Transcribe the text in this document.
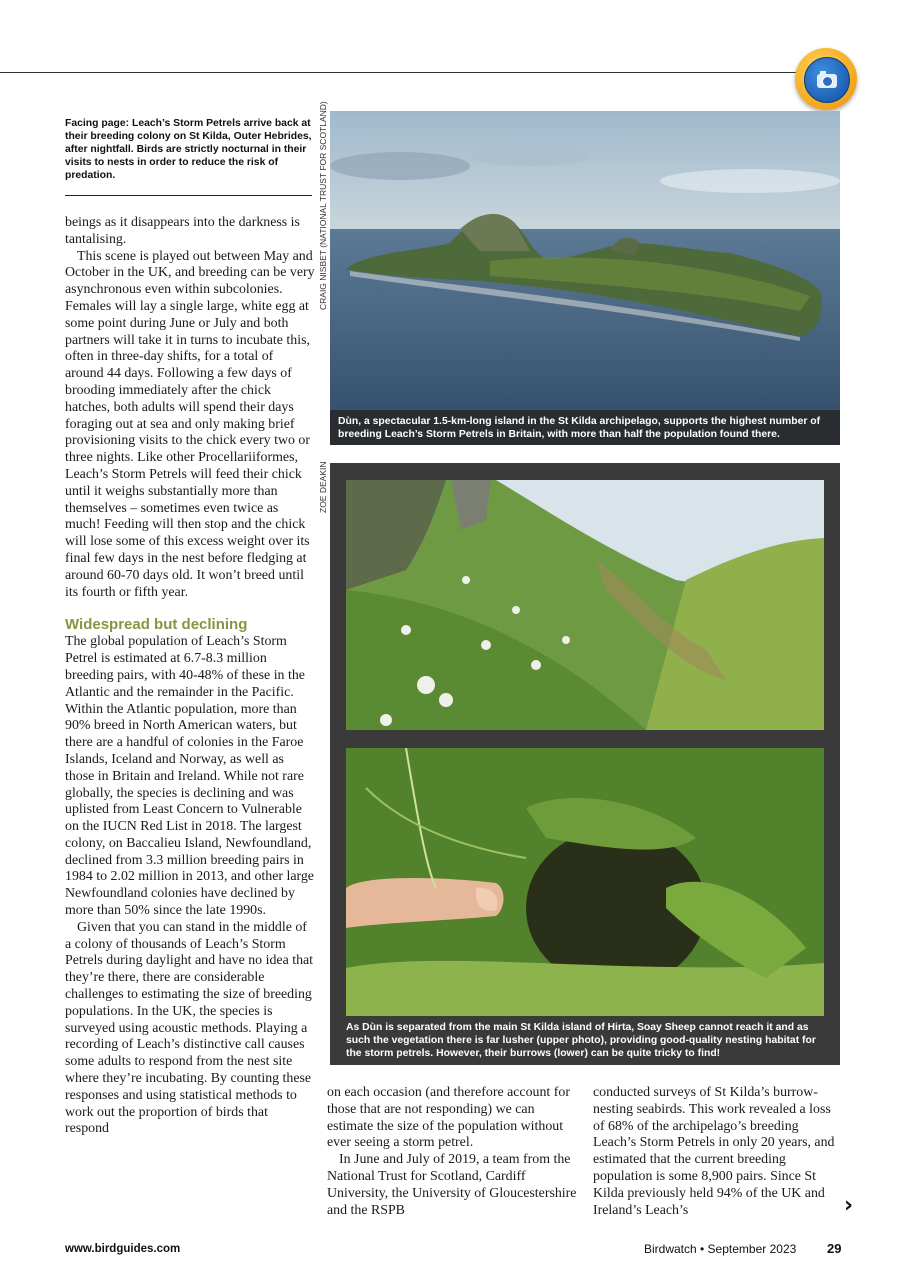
Facing page: Leach’s Storm Petrels arrive back at their breeding colony on St Kilda, Outer Hebrides, after nightfall. Birds are strictly nocturnal in their visits to nests in order to reduce the risk of predation.

beings as it disappears into the darkness is tantalising.

This scene is played out between May and October in the UK, and breeding can be very asynchronous even within subcolonies. Females will lay a single large, white egg at some point during June or July and both partners will take it in turns to incubate this, often in three-day shifts, for a total of around 44 days. Following a few days of brooding immediately after the chick hatches, both adults will spend their days foraging out at sea and only making brief provisioning visits to the chick every two or three nights. Like other Procellariiformes, Leach’s Storm Petrels will feed their chick until it weighs substantially more than themselves – sometimes even twice as much! Feeding will then stop and the chick will lose some of this excess weight over its final few days in the nest before fledging at around 60-70 days old. It won’t breed until its fourth or fifth year.

Widespread but declining

The global population of Leach’s Storm Petrel is estimated at 6.7-8.3 million breeding pairs, with 40-48% of these in the Atlantic and the remainder in the Pacific. Within the Atlantic population, more than 90% breed in North American waters, but there are a handful of colonies in the Faroe Islands, Iceland and Norway, as well as those in Britain and Ireland. While not rare globally, the species is declining and was uplisted from Least Concern to Vulnerable on the IUCN Red List in 2018. The largest colony, on Baccalieu Island, Newfoundland, declined from 3.3 million breeding pairs in 1984 to 2.02 million in 2013, and other large Newfoundland colonies have declined by more than 50% since the late 1990s.

Given that you can stand in the middle of a colony of thousands of Leach’s Storm Petrels during daylight and have no idea that they’re there, there are considerable challenges to estimating the size of breeding populations. In the UK, the species is surveyed using acoustic methods. Playing a recording of Leach’s distinctive call causes some adults to respond from the nest site where they’re incubating. By counting these responses and using statistical methods to work out the proportion of birds that respond

CRAIG NISBET (NATIONAL TRUST FOR SCOTLAND)
Dùn, a spectacular 1.5-km-long island in the St Kilda archipelago, supports the highest number of breeding Leach’s Storm Petrels in Britain, with more than half the population found there.
ZOE DEAKIN
As Dùn is separated from the main St Kilda island of Hirta, Soay Sheep cannot reach it and as such the vegetation there is far lusher (upper photo), providing good-quality nesting habitat for the storm petrels. However, their burrows (lower) can be quite tricky to find!

on each occasion (and therefore account for those that are not responding) we can estimate the size of the population without ever seeing a storm petrel.

In June and July of 2019, a team from the National Trust for Scotland, Cardiff University, the University of Gloucestershire and the RSPB

conducted surveys of St Kilda’s burrow-nesting seabirds. This work revealed a loss of 68% of the archipelago’s breeding Leach’s Storm Petrels in only 20 years, and estimated that the current breeding population is some 8,900 pairs. Since St Kilda previously held 94% of the UK and Ireland’s Leach’s	›
www.birdguides.com	Birdwatch • September 2023 29
